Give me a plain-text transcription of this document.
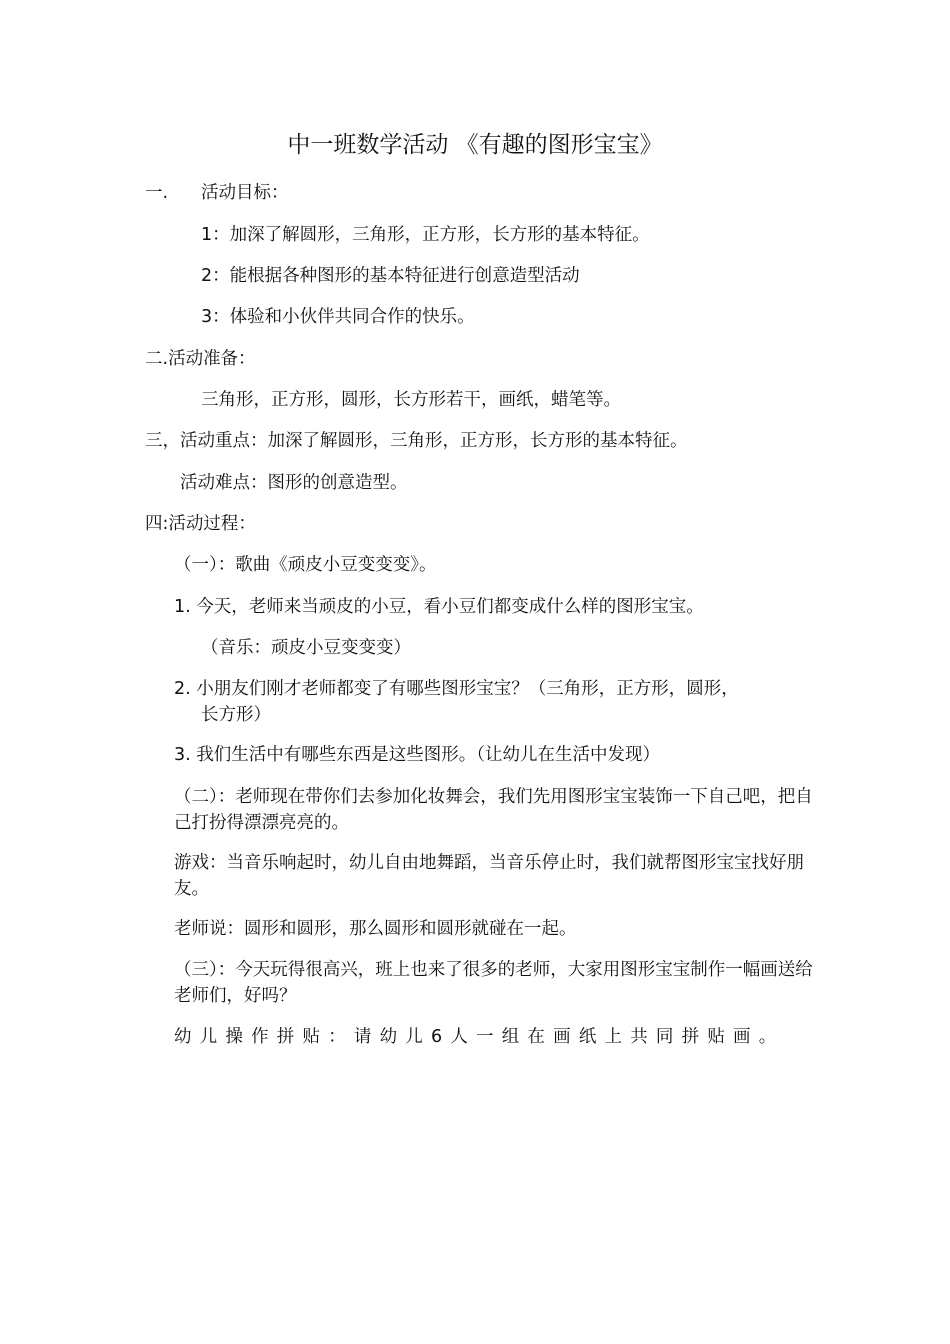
中一班数学活动 《有趣的图形宝宝》
一. 活动目标：
1：加深了解圆形，三角形，正方形，长方形的基本特征。
2：能根据各种图形的基本特征进行创意造型活动
3：体验和小伙伴共同合作的快乐。
二.活动准备：
三角形，正方形，圆形，长方形若干，画纸，蜡笔等。
三，活动重点：加深了解圆形，三角形，正方形，长方形的基本特征。
活动难点：图形的创意造型。
四:活动过程：
（一）：歌曲《顽皮小豆变变变》。
1. 今天，老师来当顽皮的小豆，看小豆们都变成什么样的图形宝宝。
（音乐：顽皮小豆变变变）
2. 小朋友们刚才老师都变了有哪些图形宝宝？（三角形，正方形，圆形，
长方形）
3. 我们生活中有哪些东西是这些图形。（让幼儿在生活中发现）
（二）：老师现在带你们去参加化妆舞会，我们先用图形宝宝装饰一下自己吧，把自己打扮得漂漂亮亮的。
游戏：当音乐响起时，幼儿自由地舞蹈，当音乐停止时，我们就帮图形宝宝找好朋友。
老师说：圆形和圆形，那么圆形和圆形就碰在一起。
（三）：今天玩得很高兴，班上也来了很多的老师，大家用图形宝宝制作一幅画送给老师们，好吗？
幼儿操作拼贴：请幼儿6人一组在画纸上共同拼贴画。
